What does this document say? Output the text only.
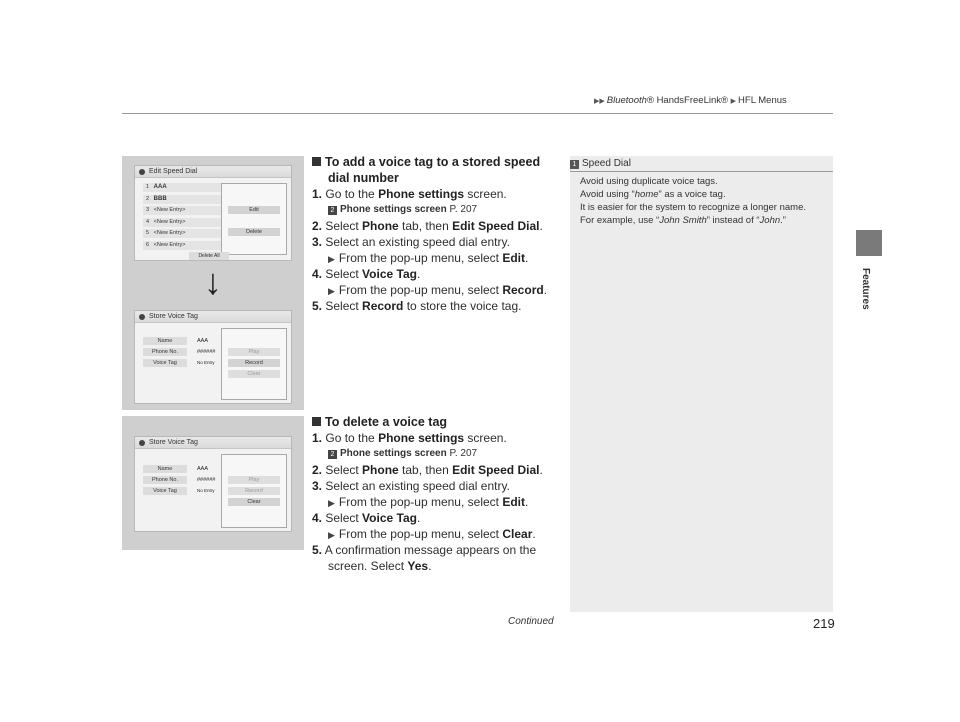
▶▶ Bluetooth® HandsFreeLink® ▶ HFL Menus
Features
Edit Speed Dial
1 AAA
2 BBB
3 <New Entry>
4 <New Entry>
5 <New Entry>
6 <New Entry>
Edit
Delete
Delete All
↓
Store Voice Tag
Name
Phone No.
Voice Tag
AAA
######
No Entry
Play
Record
Clear
Store Voice Tag
Name
Phone No.
Voice Tag
AAA
######
No Entry
Play
Record
Clear
To add a voice tag to a stored speed
dial number
1. Go to the Phone settings screen.
2 Phone settings screen P. 207
2. Select Phone tab, then Edit Speed Dial.
3. Select an existing speed dial entry.
▶ From the pop-up menu, select Edit.
4. Select Voice Tag.
▶ From the pop-up menu, select Record.
5. Select Record to store the voice tag.
To delete a voice tag
1. Go to the Phone settings screen.
2 Phone settings screen P. 207
2. Select Phone tab, then Edit Speed Dial.
3. Select an existing speed dial entry.
▶ From the pop-up menu, select Edit.
4. Select Voice Tag.
▶ From the pop-up menu, select Clear.
5. A confirmation message appears on the
screen. Select Yes.
1 Speed Dial
Avoid using duplicate voice tags.
Avoid using “home” as a voice tag.
It is easier for the system to recognize a longer name.
For example, use “John Smith” instead of “John.”
Continued	219
